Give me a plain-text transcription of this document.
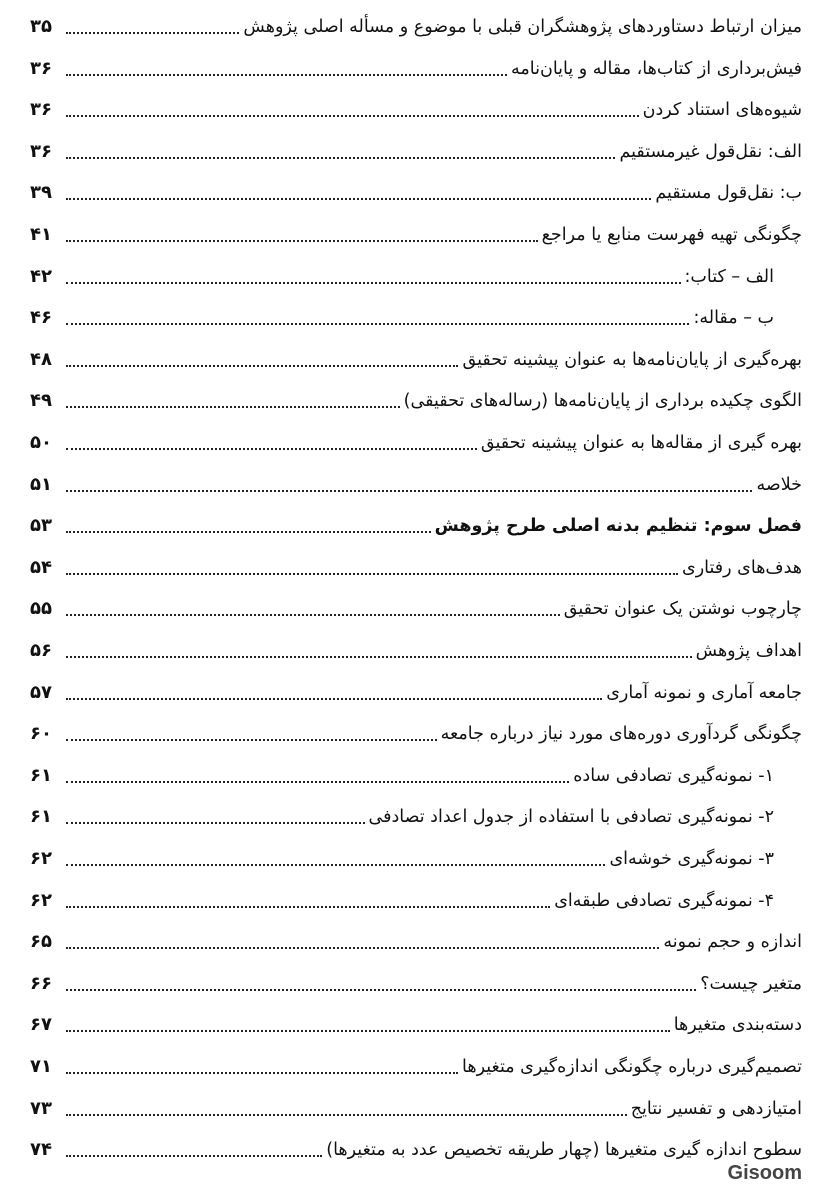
میزان ارتباط دستاوردهای پژوهشگران قبلی با موضوع و مسأله اصلی پژوهش
۳۵
فیش‌برداری از کتاب‌ها، مقاله و پایان‌نامه
۳۶
شیوه‌های استناد کردن
۳۶
الف: نقل‌قول غیرمستقیم
۳۶
ب: نقل‌قول مستقیم
۳۹
چگونگی تهیه فهرست منابع یا مراجع
۴۱
الف – کتاب:
۴۲
ب – مقاله:
۴۶
بهره‌گیری از پایان‌نامه‌ها به عنوان پیشینه تحقیق
۴۸
الگوی چکیده برداری از پایان‌نامه‌ها (رساله‌های تحقیقی)
۴۹
بهره گیری از مقاله‌ها به عنوان پیشینه تحقیق
۵۰
خلاصه
۵۱
فصل سوم: تنظیم بدنه اصلی طرح پژوهش
۵۳
هدف‌های رفتاری
۵۴
چارچوب نوشتن یک عنوان تحقیق
۵۵
اهداف پژوهش
۵۶
جامعه آماری و نمونه آماری
۵۷
چگونگی گردآوری دوره‌های مورد نیاز درباره جامعه
۶۰
۱- نمونه‌گیری تصادفی ساده
۶۱
۲- نمونه‌گیری تصادفی با استفاده از جدول اعداد تصادفی
۶۱
۳- نمونه‌گیری خوشه‌ای
۶۲
۴- نمونه‌گیری تصادفی طبقه‌ای
۶۲
اندازه و حجم نمونه
۶۵
متغیر چیست؟
۶۶
دسته‌بندی متغیرها
۶۷
تصمیم‌گیری درباره چگونگی اندازه‌گیری متغیرها
۷۱
امتیازدهی و تفسیر نتایج
۷۳
سطوح اندازه گیری متغیرها (چهار طریقه تخصیص عدد به متغیرها)
۷۴
Gisoom
